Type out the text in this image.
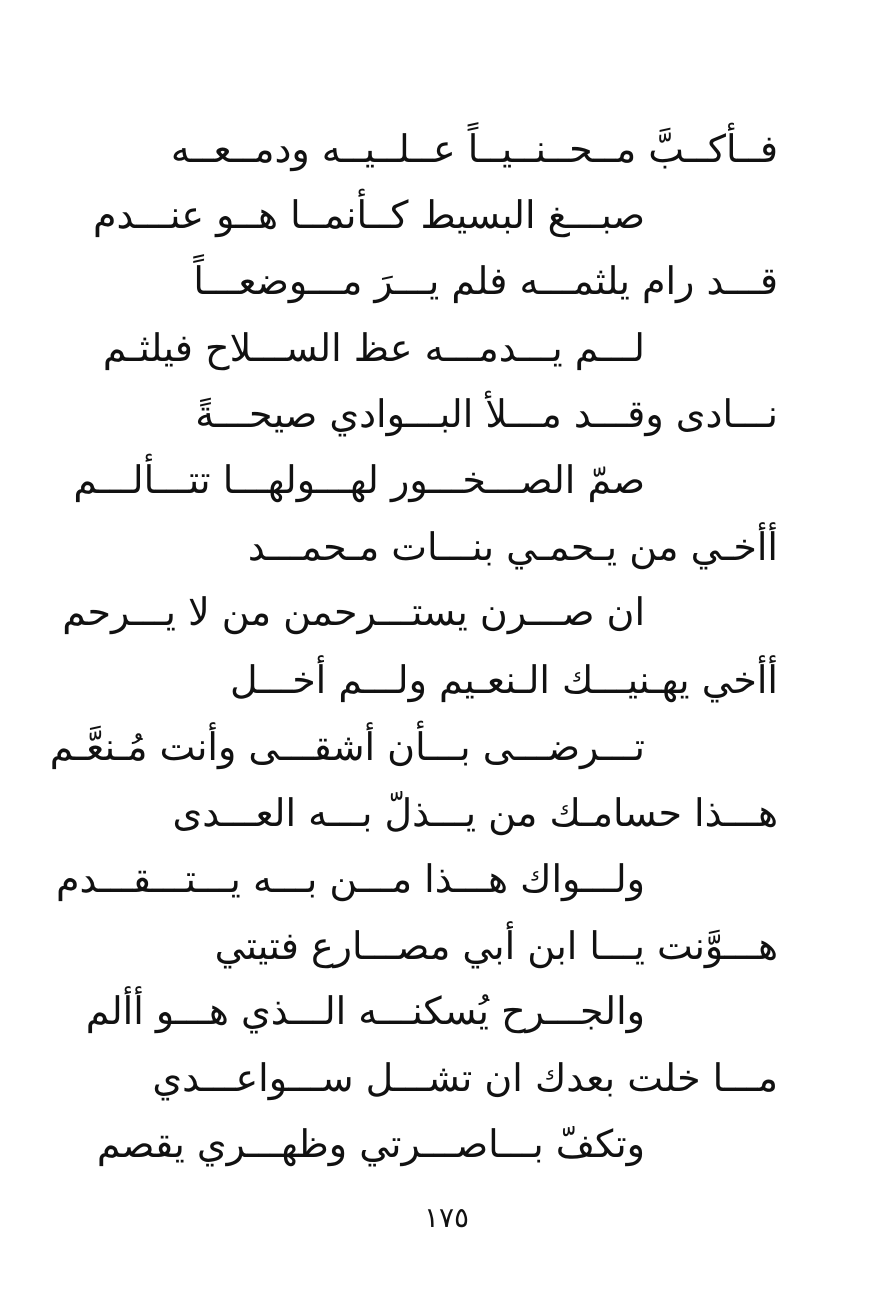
فــأكــبَّ مــحــنــيــاً عــلــيــه ودمــعــه
صبـــغ البسيط كــأنمــا هــو عنـــدم
قـــد رام يلثمـــه فلم يـــرَ مـــوضعـــاً
لـــم يـــدمـــه عظ الســـلاح فيلثـم
نـــادى وقـــد مـــلأ البـــوادي صيحـــةً
صمّ الصـــخـــور لهـــولهـــا تتـــألـــم
أأخـي من يـحمـي بنـــات مـحمـــد
ان صـــرن يستـــرحمن من لا يـــرحم
أأخي يهـنيـــك الـنعـيم ولـــم أخـــل
تـــرضـــى بـــأن أشقـــى وأنت مُـنعَّـم
هـــذا حسامـك من يـــذلّ بـــه العـــدى
ولـــواك هـــذا مـــن بـــه يـــتـــقـــدم
هـــوَّنت يـــا ابن أبي مصـــارع فتيتي
والجـــرح يُسكنـــه الـــذي هـــو أألم
مـــا خلت بعدك ان تشـــل ســـواعـــدي
وتكفّ بـــاصـــرتي وظهـــري يقصم
١٧٥
